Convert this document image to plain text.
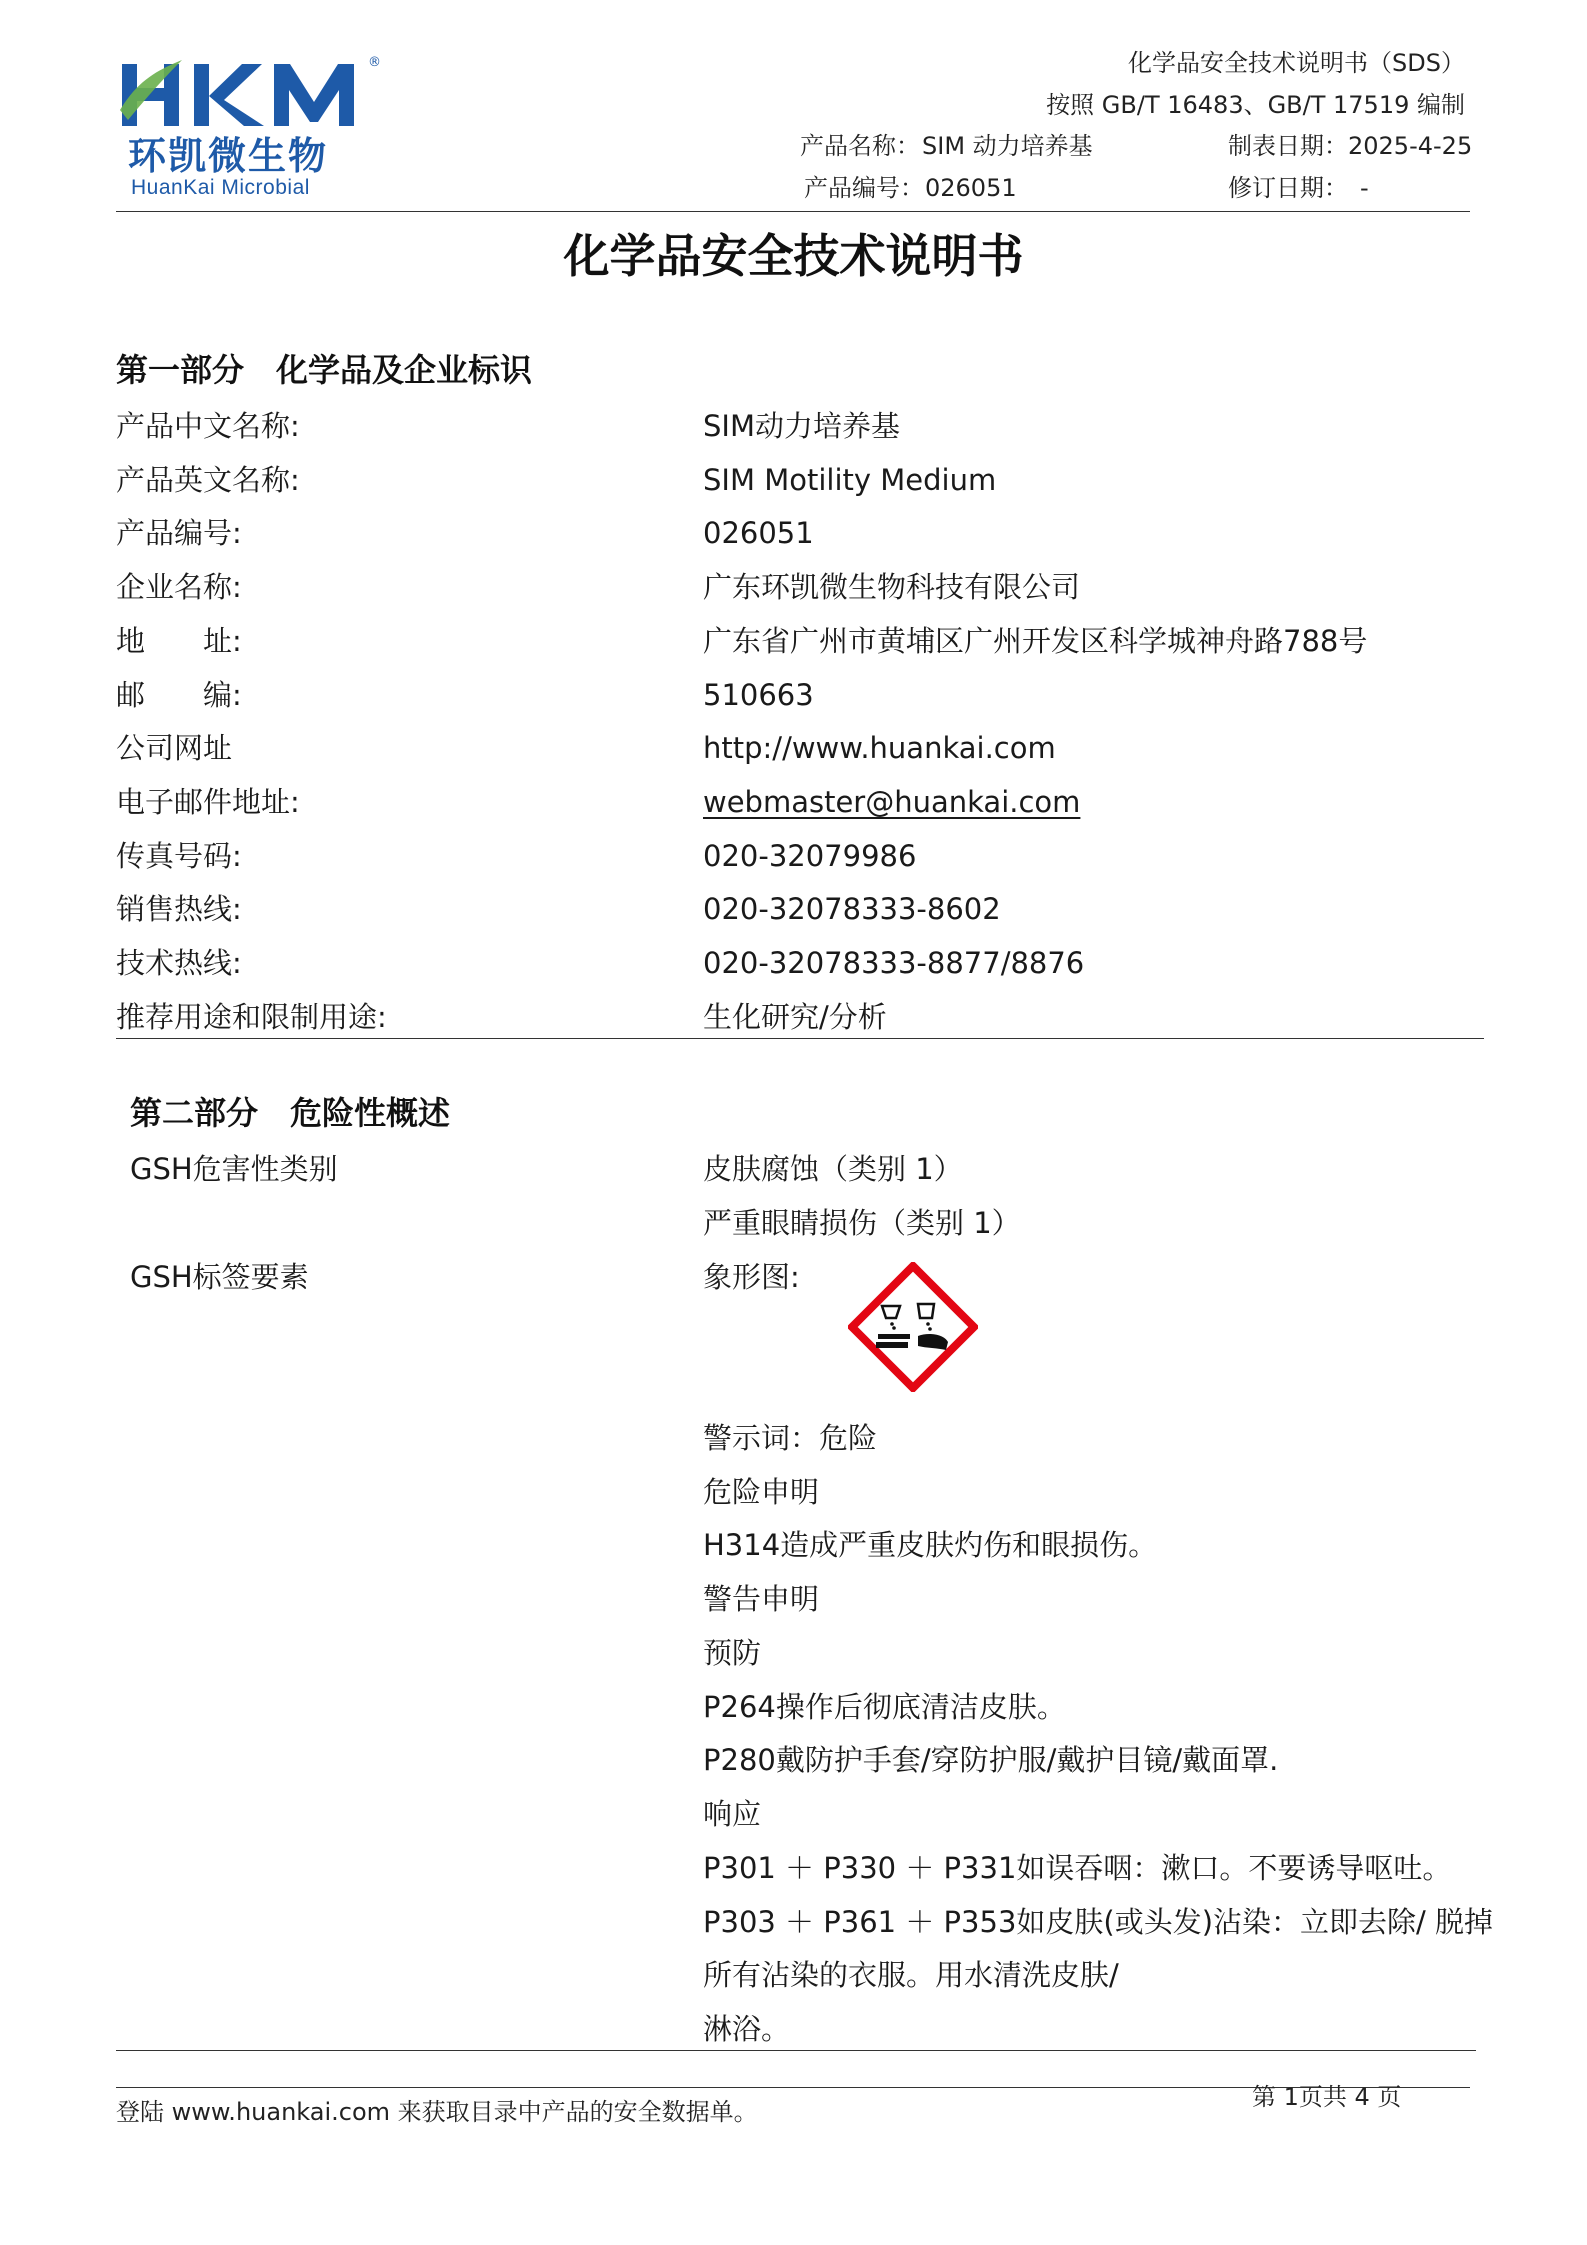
®
环凯微生物
HuanKai Microbial
化学品安全技术说明书（SDS）
按照 GB/T 16483、GB/T 17519 编制
产品名称： SIM 动力培养基	制表日期： 2025-4-25
产品编号： 026051	修订日期： -
化学品安全技术说明书
第一部分　化学品及企业标识
产品中文名称:	SIM动力培养基
产品英文名称:	SIM Motility Medium
产品编号:	026051
企业名称:	广东环凯微生物科技有限公司
地　　址:	广东省广州市黄埔区广州开发区科学城神舟路788号
邮　　编:	510663
公司网址	http://www.huankai.com
电子邮件地址:	webmaster@huankai.com
传真号码:	020-32079986
销售热线:	020-32078333-8602
技术热线:	020-32078333-8877/8876
推荐用途和限制用途:	生化研究/分析
第二部分　危险性概述
GSH危害性类别	皮肤腐蚀（类别 1）
严重眼睛损伤（类别 1）
GSH标签要素	象形图:
警示词：危险
危险申明
H314造成严重皮肤灼伤和眼损伤。
警告申明
预防
P264操作后彻底清洁皮肤。
P280戴防护手套/穿防护服/戴护目镜/戴面罩.
响应
P301 ＋ P330 ＋ P331如误吞咽：漱口。不要诱导呕吐。
P303 ＋ P361 ＋ P353如皮肤(或头发)沾染：立即去除/ 脱掉
所有沾染的衣服。用水清洗皮肤/
淋浴。
登陆 www.huankai.com 来获取目录中产品的安全数据单。
第 1页共 4 页
